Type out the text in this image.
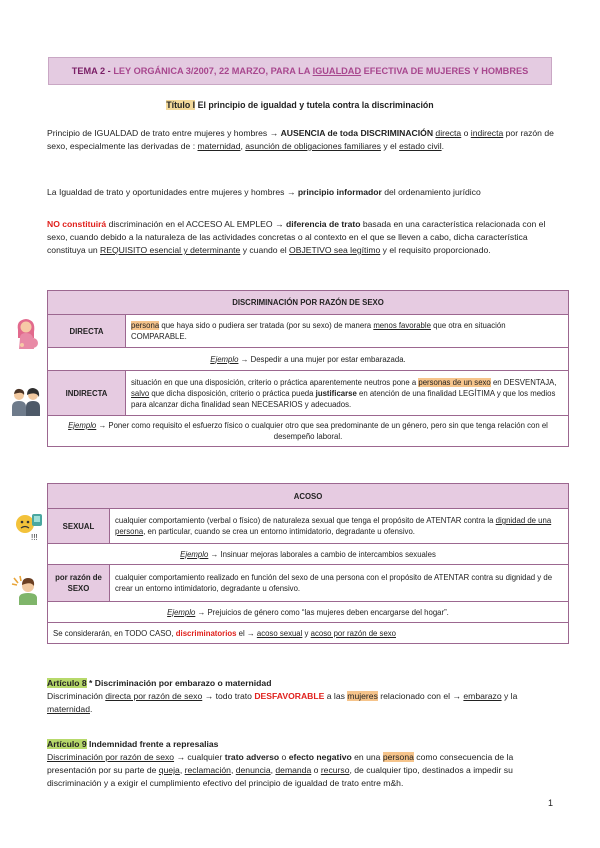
TEMA 2 - LEY ORGÁNICA 3/2007, 22 MARZO, PARA LA IGUALDAD EFECTIVA DE MUJERES Y HOMBRES
Título I El principio de igualdad y tutela contra la discriminación
Principio de IGUALDAD de trato entre mujeres y hombres → AUSENCIA de toda DISCRIMINACIÓN directa o indirecta por razón de sexo, especialmente las derivadas de : maternidad, asunción de obligaciones familiares y el estado civil.
La Igualdad de trato y oportunidades entre mujeres y hombres → principio informador del ordenamiento jurídico
NO constituirá discriminación en el ACCESO AL EMPLEO → diferencia de trato basada en una característica relacionada con el sexo, cuando debido a la naturaleza de las actividades concretas o al contexto en el que se lleven a cabo, dicha característica constituya un REQUISITO esencial y determinante y cuando el OBJETIVO sea legítimo y el requisito proporcionado.
DISCRIMINACIÓN POR RAZÓN DE SEXO	
DIRECTA	persona que haya sido o pudiera ser tratada (por su sexo) de manera menos favorable que otra en situación COMPARABLE.
Ejemplo → Despedir a una mujer por estar embarazada.	
INDIRECTA	situación en que una disposición, criterio o práctica aparentemente neutros pone a personas de un sexo en DESVENTAJA, salvo que dicha disposición, criterio o práctica pueda justificarse en atención de una finalidad LEGÍTIMA y que los medios para alcanzar dicha finalidad sean NECESARIOS y adecuados.
Ejemplo → Poner como requisito el esfuerzo físico o cualquier otro que sea predominante de un género, pero sin que tenga relación con el desempeño laboral.	
!!!
ACOSO	
SEXUAL	cualquier comportamiento (verbal o físico) de naturaleza sexual que tenga el propósito de ATENTAR contra la dignidad de una persona, en particular, cuando se crea un entorno intimidatorio, degradante u ofensivo.
Ejemplo → Insinuar mejoras laborales a cambio de intercambios sexuales	
por razón de SEXO	cualquier comportamiento realizado en función del sexo de una persona con el propósito de ATENTAR contra su dignidad y de crear un entorno intimidatorio, degradante u ofensivo.
Ejemplo → Prejuicios de género como “las mujeres deben encargarse del hogar”.	
Se considerarán, en TODO CASO, discriminatorios el → acoso sexual y acoso por razón de sexo	
Artículo 8 * Discriminación por embarazo o maternidad
Discriminación directa por razón de sexo → todo trato DESFAVORABLE a las mujeres relacionado con el → embarazo y la maternidad.
Artículo 9 Indemnidad frente a represalias
Discriminación por razón de sexo → cualquier trato adverso o efecto negativo en una persona como consecuencia de la presentación por su parte de queja, reclamación, denuncia, demanda o recurso, de cualquier tipo, destinados a impedir su discriminación y a exigir el cumplimiento efectivo del principio de igualdad de trato entre m&h.
1
